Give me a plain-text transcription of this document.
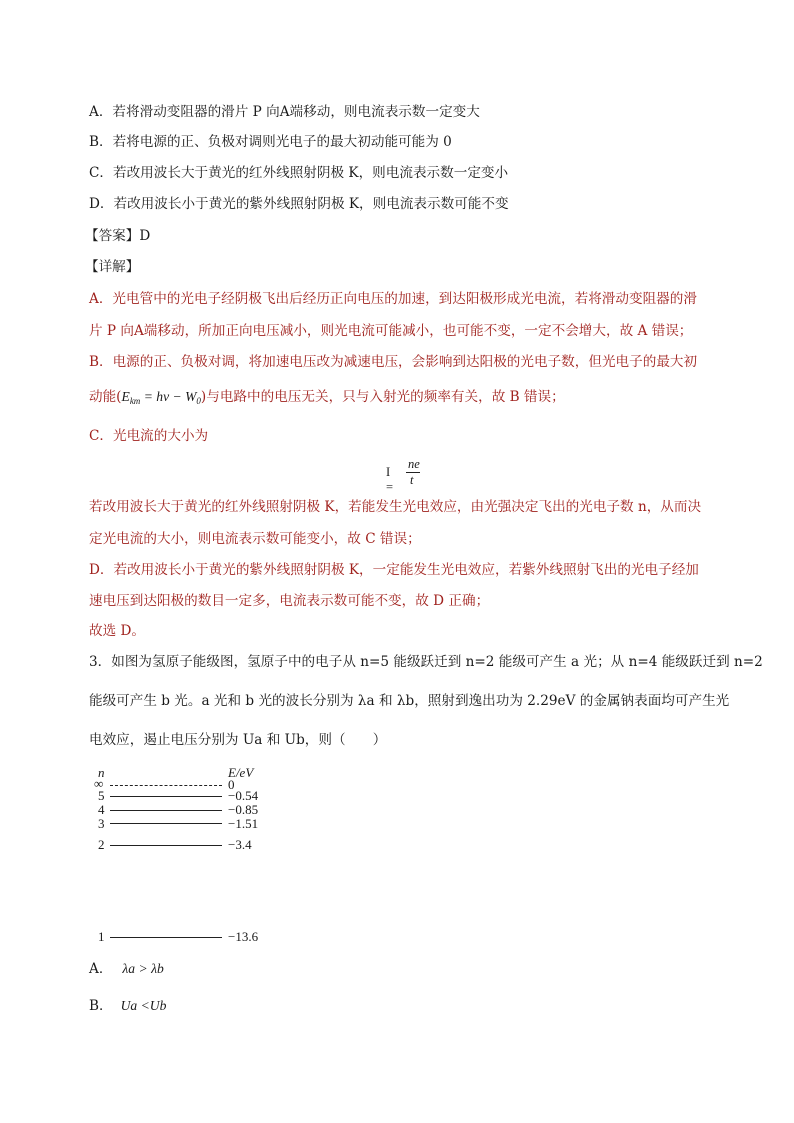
A．若将滑动变阻器的滑片 P 向A端移动，则电流表示数一定变大
B．若将电源的正、负极对调则光电子的最大初动能可能为 0
C．若改用波长大于黄光的红外线照射阴极 K，则电流表示数一定变小
D．若改用波长小于黄光的紫外线照射阴极 K，则电流表示数可能不变
【答案】D
【详解】
A．光电管中的光电子经阴极飞出后经历正向电压的加速，到达阳极形成光电流，若将滑动变阻器的滑
片 P 向A端移动，所加正向电压减小，则光电流可能减小，也可能不变，一定不会增大，故 A 错误；
B．电源的正、负极对调，将加速电压改为减速电压，会影响到达阳极的光电子数，但光电子的最大初
动能$(E_{km} = h\nu - W_0)$与电路中的电压无关，只与入射光的频率有关，故 B 错误；
C．光电流的大小为
I =
ne
t
若改用波长大于黄光的红外线照射阴极 K，若能发生光电效应，由光强决定飞出的光电子数 n，从而决
定光电流的大小，则电流表示数可能变小，故 C 错误；
D．若改用波长小于黄光的紫外线照射阴极 K，一定能发生光电效应，若紫外线照射飞出的光电子经加
速电压到达阳极的数目一定多，电流表示数可能不变，故 D 正确；
故选 D。
3．如图为氢原子能级图，氢原子中的电子从 n=5 能级跃迁到 n=2 能级可产生 a 光；从 n=4 能级跃迁到 n=2
能级可产生 b 光。a 光和 b 光的波长分别为 λa 和 λb，照射到逸出功为 2.29eV 的金属钠表面均可产生光
电效应，遏止电压分别为 Ua 和 Ub，则（　　）
n	E/eV
∞	0
5	−0.54
4	−0.85
3	−1.51
2	−3.4
1	−13.6
A． λa > λb
B． Ua <Ub
